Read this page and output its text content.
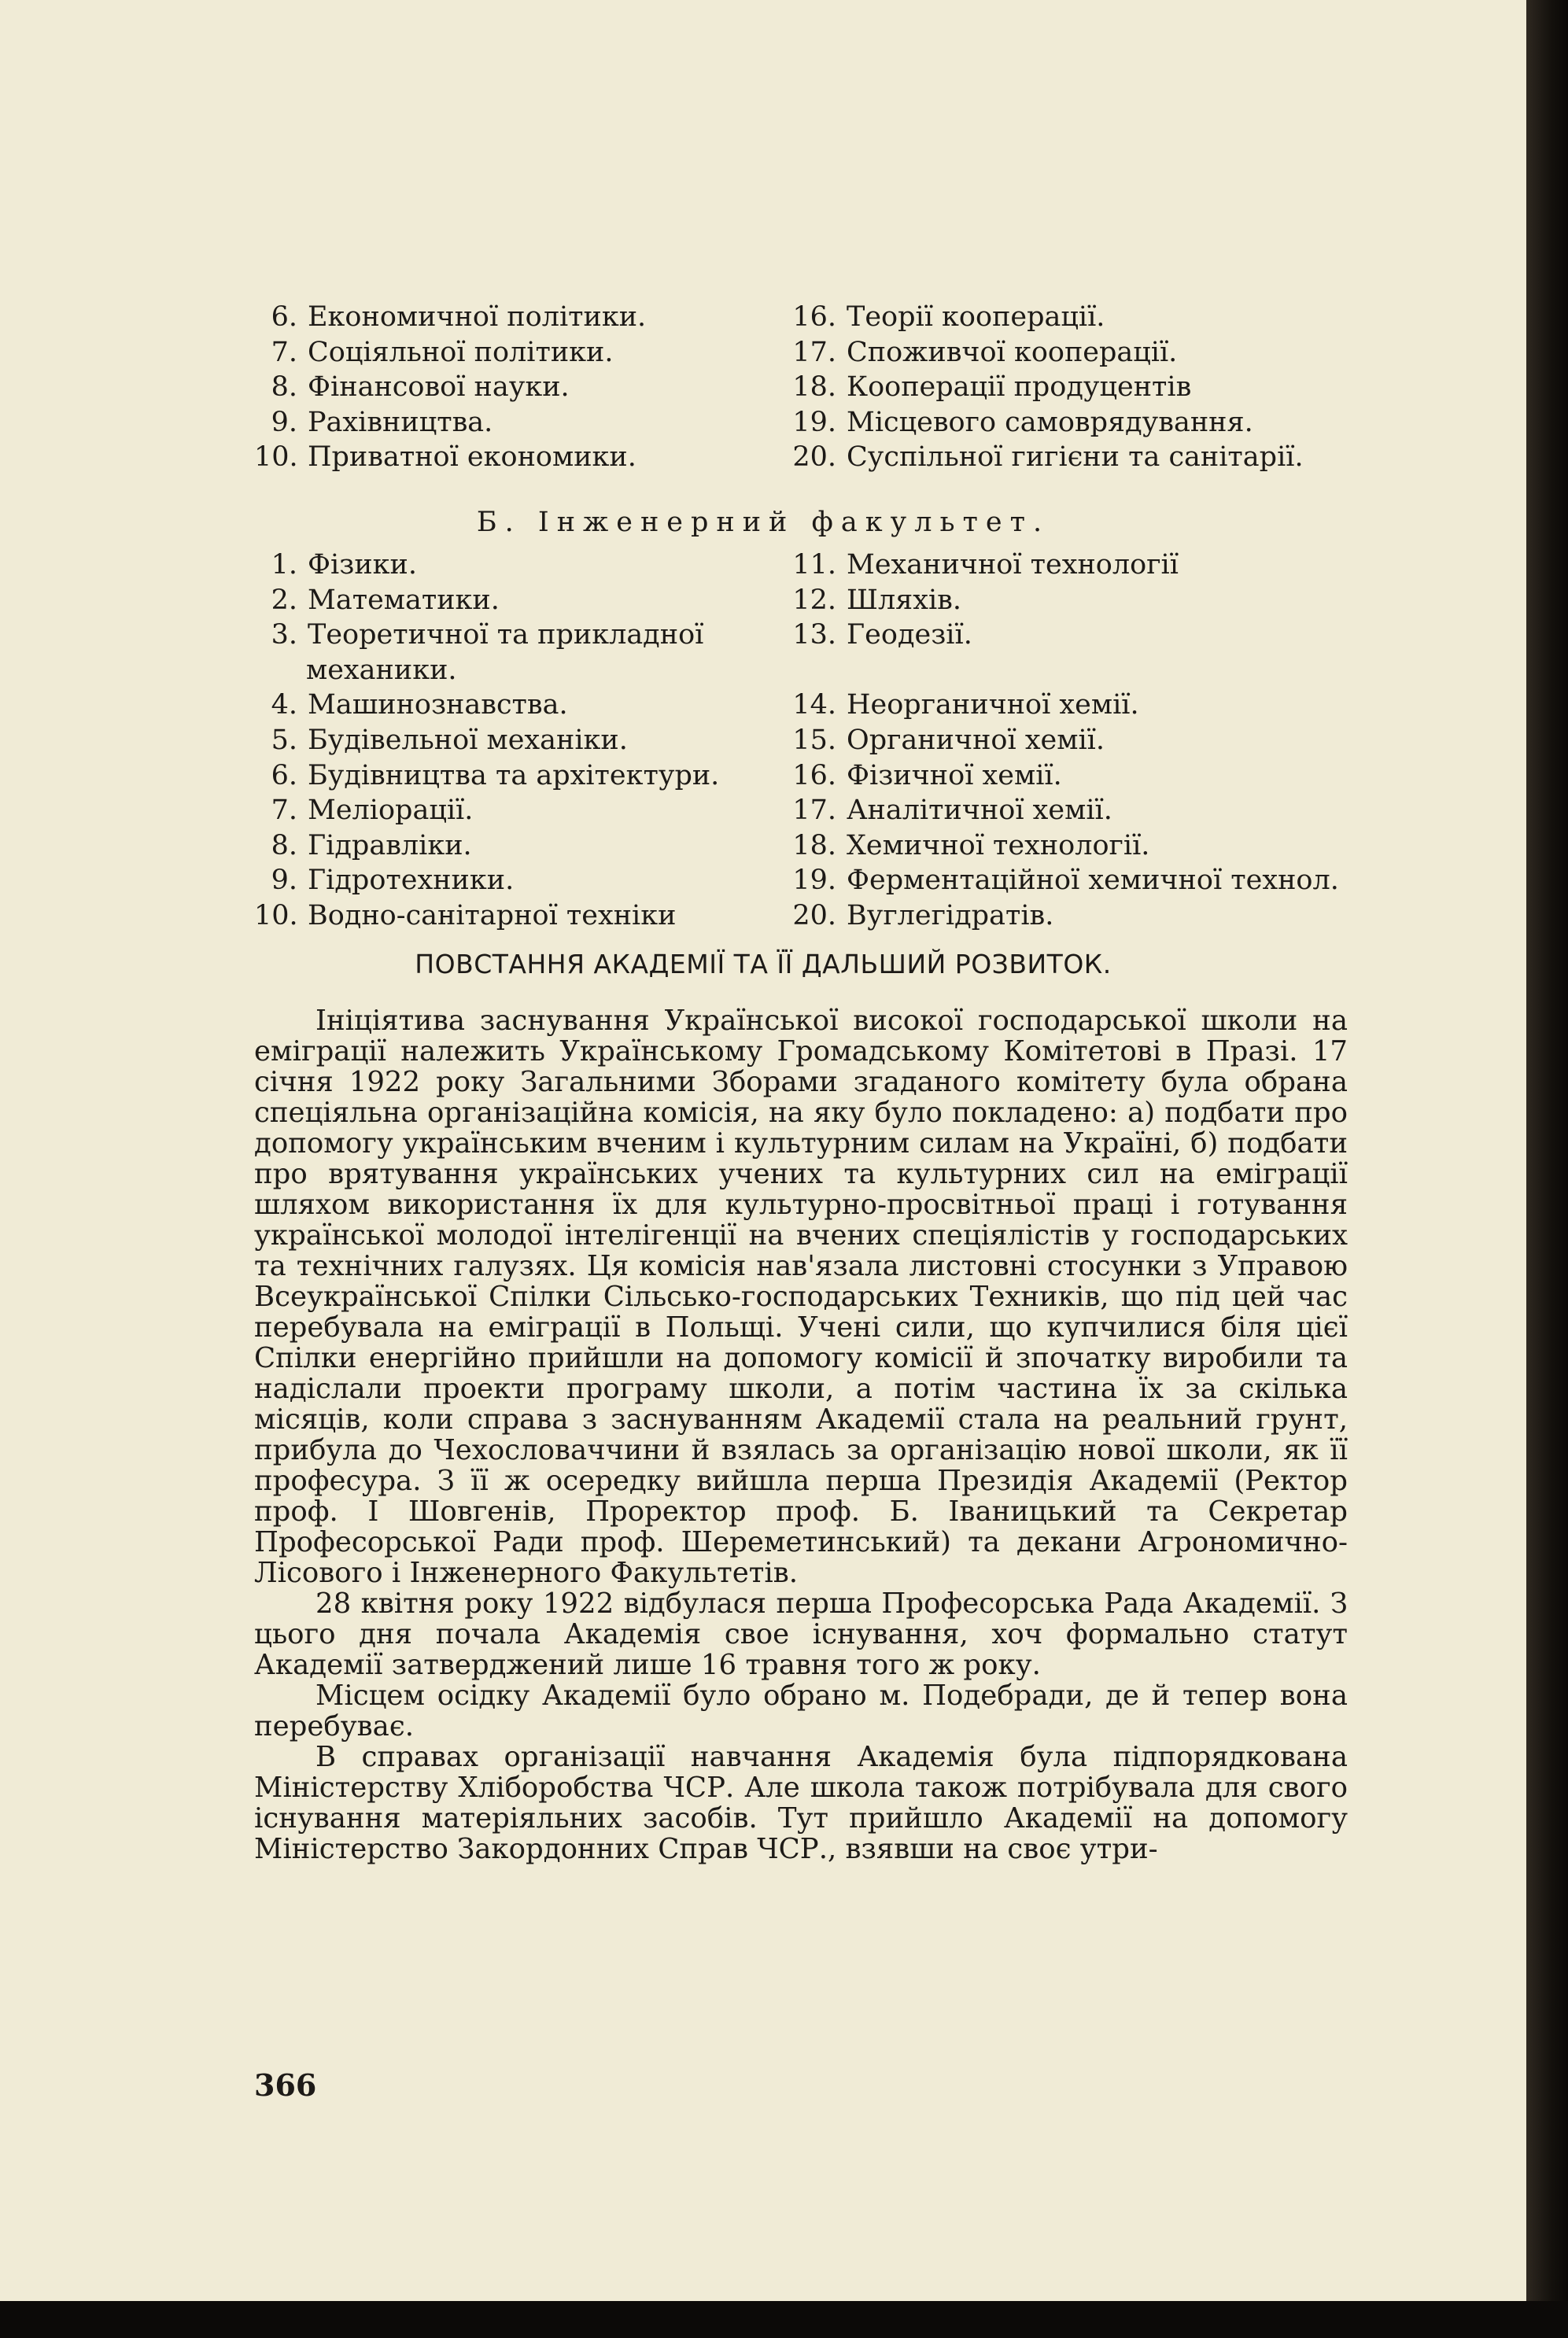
6. Економичної політики.
7. Соціяльної політики.
8. Фінансової науки.
9. Рахівництва.
10. Приватної економики.
16. Теорії кооперації.
17. Споживчої кооперації.
18. Кооперації продуцентів
19. Місцевого самоврядування.
20. Суспільної гигієни та санітарії.
Б. Інженерний факультет.
1. Фізики.
2. Математики.
3. Теоретичної та прикладної
механики.
4. Машинознавства.
5. Будівельної механіки.
6. Будівництва та архітектури.
7. Меліорації.
8. Гідравліки.
9. Гідротехники.
10. Водно-санітарної техніки
11. Механичної технології
12. Шляхів.
13. Геодезії.

14. Неорганичної хемії.
15. Органичної хемії.
16. Фізичної хемії.
17. Аналітичної хемії.
18. Хемичної технології.
19. Ферментаційної хемичної технол.
20. Вуглегідратів.
ПОВСТАННЯ АКАДЕМІЇ ТА ЇЇ ДАЛЬШИЙ РОЗВИТОК.

Ініціятива заснування Української високої господарської школи на еміграції належить Українському Громадському Комітетові в Празі. 17 січня 1922 року Загальними Зборами згаданого комітету була обрана спеціяльна організаційна комісія, на яку було покладено: а) подбати про допомогу українським вченим і культурним силам на Україні, б) подбати про врятування українських учених та культурних сил на еміграції шляхом використання їх для культурно-просвітньої праці і готування української молодої інтелігенції на вчених спеціялістів у господарських та технічних галузях. Ця комісія нав'язала листовні стосунки з Управою Всеукраїнської Спілки Сільсько-господарських Техників, що під цей час перебувала на еміграції в Польщі. Учені сили, що купчилися біля цієї Спілки енергійно прийшли на допомогу комісії й зпочатку виробили та надіслали проекти програму школи, а потім частина їх за скілька місяців, коли справа з заснуванням Академії стала на реальний грунт, прибула до Чехословаччини й взялась за організацію нової школи, як її професура. З її ж осередку вийшла перша Президія Академії (Ректор проф. І Шовгенів, Проректор проф. Б. Іваницький та Секретар Професорської Ради проф. Шереметинський) та декани Агрономично-Лісового і Інженерного Факультетів.

28 квітня року 1922 відбулася перша Професорська Рада Академії. З цього дня почала Академія свое існування, хоч формально статут Академії затверджений лише 16 травня того ж року.

Місцем осідку Академії було обрано м. Подебради, де й тепер вона перебуває.

В справах організації навчання Академія була підпорядкована Міністерству Хліборобства ЧСР. Але школа також потрібувала для свого існування матеріяльних засобів. Тут прийшло Академії на допомогу Міністерство Закордонних Справ ЧСР., взявши на своє утри-

366
